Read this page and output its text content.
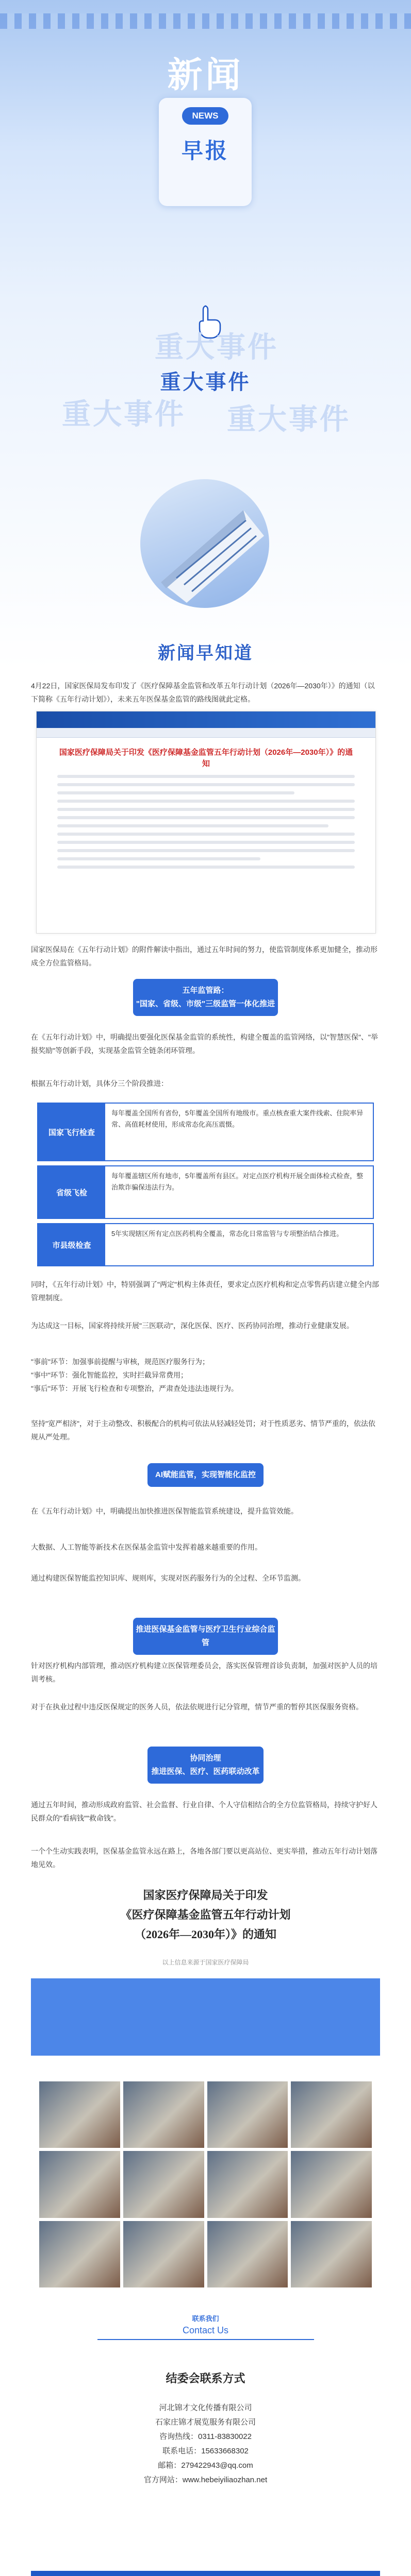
新闻
NEWS
早报
重大事件
重大事件 重大事件
重大事件
新闻早知道
4月22日，国家医保局发布印发了《医疗保障基金监管和改革五年行动计划（2026年—2030年）》的通知（以下简称《五年行动计划》），未来五年医保基金监管的路线图就此定格。
国家医疗保障局关于印发《医疗保障基金监管五年行动计划（2026年—2030年）》的通知
国家医保局在《五年行动计划》的附件解读中指出，通过五年时间的努力，使监管制度体系更加健全，推动形成全方位监管格局。
五年监管路：
"国家、省级、市级"三级监管一体化推进
在《五年行动计划》中，明确提出要强化医保基金监管的系统性，构建全覆盖的监管网络，以"智慧医保"、"举报奖励"等创新手段，实现基金监管全链条闭环管理。
根据五年行动计划，具体分三个阶段推进：
国家飞行检查
每年覆盖全国所有省份，5年覆盖全国所有地级市。重点核查重大案件线索、住院率异常、高值耗材使用，形成常态化高压震慑。
省级飞检
每年覆盖辖区所有地市，5年覆盖所有县区。对定点医疗机构开展全面体检式检查，整治欺诈骗保违法行为。
市县级检查
5年实现辖区所有定点医药机构全覆盖，常态化日常监管与专项整治结合推进。
同时，《五年行动计划》中，特别强调了"两定"机构主体责任，要求定点医疗机构和定点零售药店建立健全内部管理制度。
为达成这一目标，国家将持续开展"三医联动"，深化医保、医疗、医药协同治理，推动行业健康发展。
"事前"环节：加强事前提醒与审核，规范医疗服务行为；
"事中"环节：强化智能监控，实时拦截异常费用；
"事后"环节：开展飞行检查和专项整治，严肃查处违法违规行为。
坚持"宽严相济"，对于主动整改、积极配合的机构可依法从轻减轻处罚；对于性质恶劣、情节严重的，依法依规从严处理。
AI赋能监管，实现智能化监控
在《五年行动计划》中，明确提出加快推进医保智能监管系统建设，提升监管效能。
大数据、人工智能等新技术在医保基金监管中发挥着越来越重要的作用。
通过构建医保智能监控知识库、规则库，实现对医药服务行为的全过程、全环节监测。
推进医保基金监管与医疗卫生行业综合监管
针对医疗机构内部管理，推动医疗机构建立医保管理委员会，落实医保管理首诊负责制，加强对医护人员的培训考核。
对于在执业过程中违反医保规定的医务人员，依法依规进行记分管理，情节严重的暂停其医保服务资格。
协同治理
推进医保、医疗、医药联动改革
通过五年时间，推动形成政府监管、社会监督、行业自律、个人守信相结合的全方位监管格局，持续守护好人民群众的"看病钱""救命钱"。
一个个生动实践表明，医保基金监管永远在路上，各地各部门要以更高站位、更实举措，推动五年行动计划落地见效。
国家医疗保障局关于印发
《医疗保障基金监管五年行动计划
（2026年—2030年）》的通知
以上信息来源于国家医疗保障局
联系我们
Contact Us
结委会联系方式
河北锦才文化传播有限公司
石家庄锦才展览服务有限公司
咨询热线：0311-83830022
联系电话：15633668302
邮箱：279422943@qq.com
官方网站：www.hebeiyiliaozhan.net
